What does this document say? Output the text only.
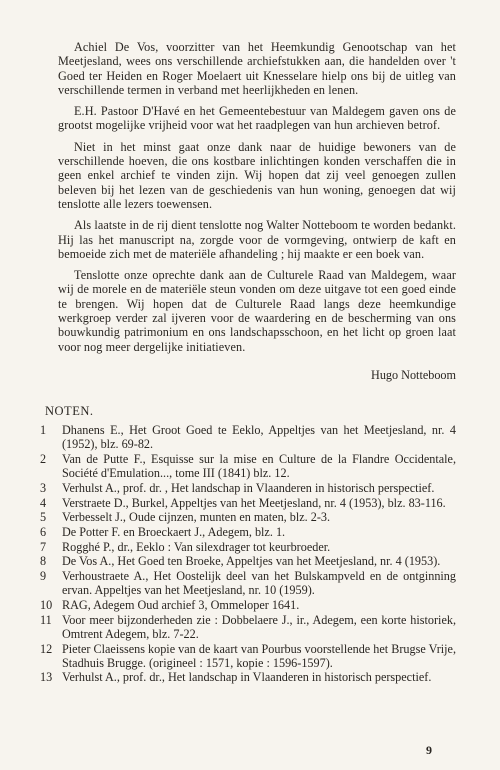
Achiel De Vos, voorzitter van het Heemkundig Genootschap van het Meetjesland, wees ons verschillende archiefstukken aan, die handelden over 't Goed ter Heiden en Roger Moelaert uit Knesselare hielp ons bij de uitleg van verschillende termen in verband met heerlijkheden en lenen.

E.H. Pastoor D'Havé en het Gemeentebestuur van Maldegem gaven ons de grootst mogelijke vrijheid voor wat het raadplegen van hun archieven betrof.

Niet in het minst gaat onze dank naar de huidige bewoners van de verschillende hoeven, die ons kostbare inlichtingen konden verschaffen die in geen enkel archief te vinden zijn. Wij hopen dat zij veel genoegen zullen beleven bij het lezen van de geschiedenis van hun woning, genoegen dat wij tenslotte alle lezers toewensen.

Als laatste in de rij dient tenslotte nog Walter Notteboom te worden bedankt. Hij las het manuscript na, zorgde voor de vormgeving, ontwierp de kaft en bemoeide zich met de materiële afhandeling ; hij maakte er een boek van.

Tenslotte onze oprechte dank aan de Culturele Raad van Maldegem, waar wij de morele en de materiële steun vonden om deze uitgave tot een goed einde te brengen. Wij hopen dat de Culturele Raad langs deze heemkundige werkgroep verder zal ijveren voor de waardering en de bescherming van ons bouwkundig patrimonium en ons landschapsschoon, en het licht op groen laat voor nog meer dergelijke initiatieven.

Hugo Notteboom
NOTEN.
1	Dhanens E., Het Groot Goed te Eeklo, Appeltjes van het Meetjesland, nr. 4 (1952), blz. 69-82.
2	Van de Putte F., Esquisse sur la mise en Culture de la Flandre Occidentale, Société d'Emulation..., tome III (1841) blz. 12.
3	Verhulst A., prof. dr. , Het landschap in Vlaanderen in historisch perspectief.
4	Verstraete D., Burkel, Appeltjes van het Meetjesland, nr. 4 (1953), blz. 83-116.
5	Verbesselt J., Oude cijnzen, munten en maten, blz. 2-3.
6	De Potter F. en Broeckaert J., Adegem, blz. 1.
7	Rogghé P., dr., Eeklo : Van silexdrager tot keurbroeder.
8	De Vos A., Het Goed ten Broeke, Appeltjes van het Meetjesland, nr. 4 (1953).
9	Verhoustraete A., Het Oostelijk deel van het Bulskampveld en de ontginning ervan. Appeltjes van het Meetjesland, nr. 10 (1959).
10 RAG, Adegem Oud archief 3, Ommeloper 1641.
11 Voor meer bijzonderheden zie : Dobbelaere J., ir., Adegem, een korte historiek, Omtrent Adegem, blz. 7-22.
12 Pieter Claeissens kopie van de kaart van Pourbus voorstellende het Brugse Vrije, Stadhuis Brugge. (origineel : 1571, kopie : 1596-1597).
13 Verhulst A., prof. dr., Het landschap in Vlaanderen in historisch perspectief.
9
